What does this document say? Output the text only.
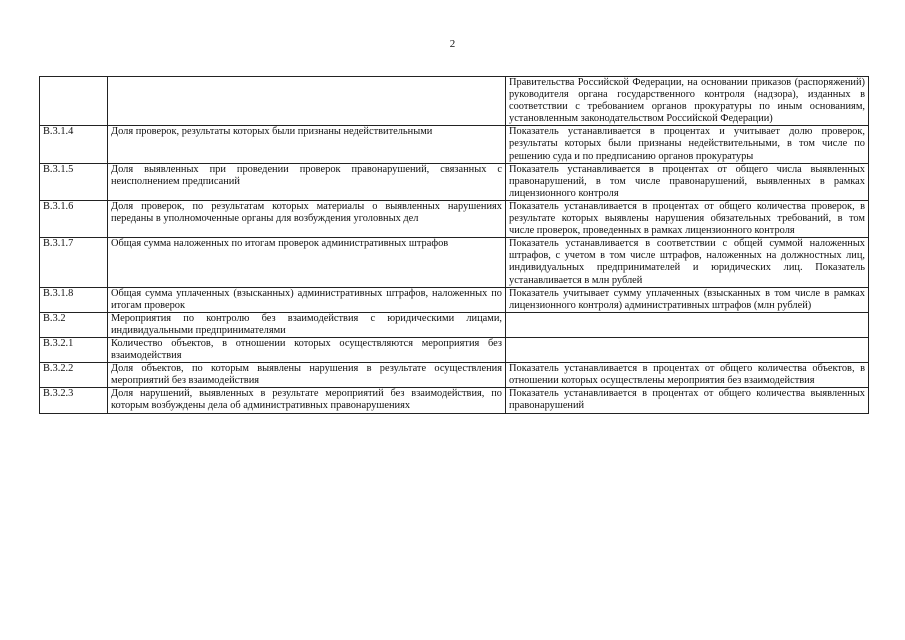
2
		Правительства Российской Федерации, на основании приказов (распоряжений) руководителя органа государственного контроля (надзора), изданных в соответствии с требованием органов прокуратуры по иным основаниям, установленным законодательством Российской Федерации)
В.3.1.4	Доля проверок, результаты которых были признаны недействительными	Показатель устанавливается в процентах и учитывает долю проверок, результаты которых были признаны недействительными, в том числе по решению суда и по предписанию органов прокуратуры
В.3.1.5	Доля выявленных при проведении проверок правонарушений, связанных с неисполнением предписаний	Показатель устанавливается в процентах от общего числа выявленных правонарушений, в том числе правонарушений, выявленных в рамках лицензионного контроля
В.3.1.6	Доля проверок, по результатам которых материалы о выявленных нарушениях переданы в уполномоченные органы для возбуждения уголовных дел	Показатель устанавливается в процентах от общего количества проверок, в результате которых выявлены нарушения обязательных требований, в том числе проверок, проведенных в рамках лицензионного контроля
В.3.1.7	Общая сумма наложенных по итогам проверок административных штрафов	Показатель устанавливается в соответствии с общей суммой наложенных штрафов, с учетом в том числе штрафов, наложенных на должностных лиц, индивидуальных предпринимателей и юридических лиц. Показатель устанавливается в млн рублей
В.3.1.8	Общая сумма уплаченных (взысканных) административных штрафов, наложенных по итогам проверок	Показатель учитывает сумму уплаченных (взысканных в том числе в рамках лицензионного контроля) административных штрафов (млн рублей)
В.3.2	Мероприятия по контролю без взаимодействия с юридическими лицами, индивидуальными предпринимателями	
В.3.2.1	Количество объектов, в отношении которых осуществляются мероприятия без взаимодействия	
В.3.2.2	Доля объектов, по которым выявлены нарушения в результате осуществления мероприятий без взаимодействия	Показатель устанавливается в процентах от общего количества объектов, в отношении которых осуществлены мероприятия без взаимодействия
В.3.2.3	Доля нарушений, выявленных в результате мероприятий без взаимодействия, по которым возбуждены дела об административных правонарушениях	Показатель устанавливается в процентах от общего количества выявленных правонарушений
